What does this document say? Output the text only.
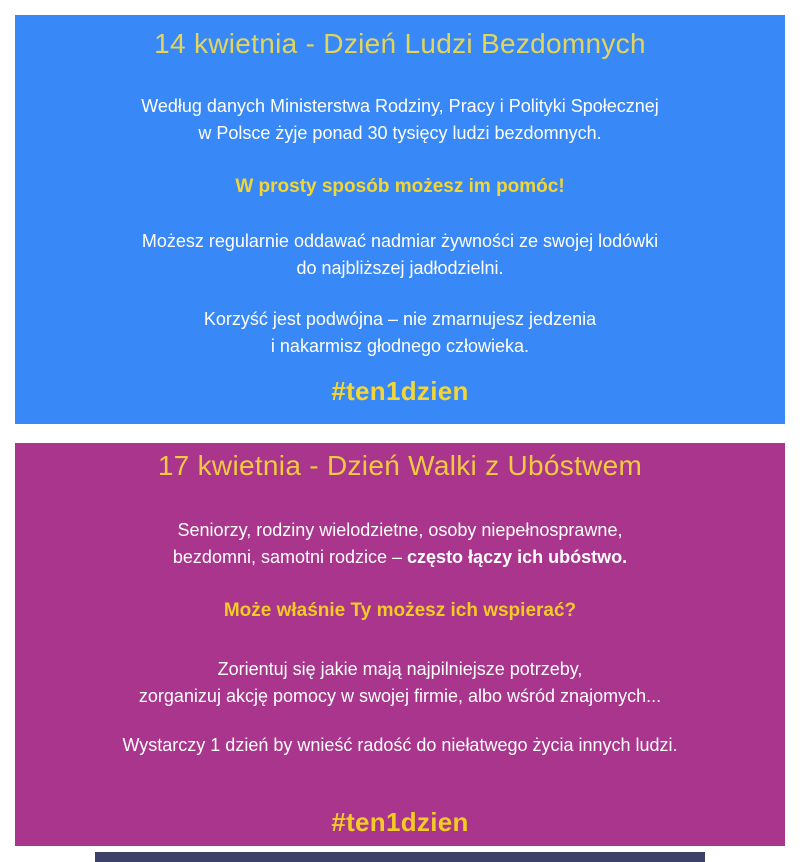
14 kwietnia - Dzień Ludzi Bezdomnych

Według danych Ministerstwa Rodziny, Pracy i Polityki Społecznej
w Polsce żyje ponad 30 tysięcy ludzi bezdomnych.

W prosty sposób możesz im pomóc!

Możesz regularnie oddawać nadmiar żywności ze swojej lodówki
do najbliższej jadłodzielni.

Korzyść jest podwójna – nie zmarnujesz jedzenia
i nakarmisz głodnego człowieka.

#ten1dzien

17 kwietnia - Dzień Walki z Ubóstwem

Seniorzy, rodziny wielodzietne, osoby niepełnosprawne,
bezdomni, samotni rodzice – często łączy ich ubóstwo.

Może właśnie Ty możesz ich wspierać?

Zorientuj się jakie mają najpilniejsze potrzeby,
zorganizuj akcję pomocy w swojej firmie, albo wśród znajomych...

Wystarczy 1 dzień by wnieść radość do niełatwego życia innych ludzi.

#ten1dzien
